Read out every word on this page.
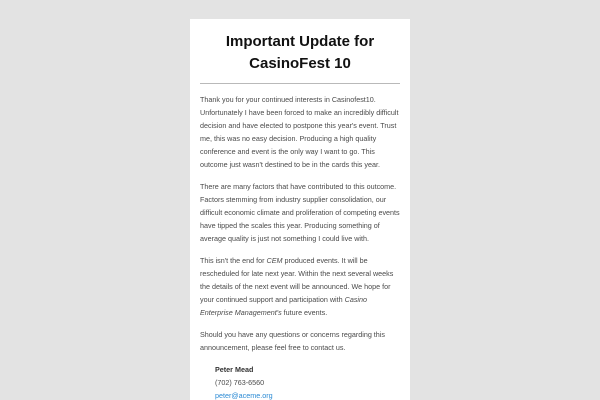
Important Update for
CasinoFest 10

Thank you for your continued interests in Casinofest10. Unfortunately I have been forced to make an incredibly difficult decision and have elected to postpone this year's event. Trust me, this was no easy decision. Producing a high quality conference and event is the only way I want to go. This outcome just wasn't destined to be in the cards this year.

There are many factors that have contributed to this outcome. Factors stemming from industry supplier consolidation, our difficult economic climate and proliferation of competing events have tipped the scales this year. Producing something of average quality is just not something I could live with.

This isn't the end for CEM produced events. It will be rescheduled for late next year. Within the next several weeks the details of the next event will be announced. We hope for your continued support and participation with Casino Enterprise Management's future events.

Should you have any questions or concerns regarding this announcement, please feel free to contact us.

Peter Mead
(702) 763-6560
peter@aceme.org
